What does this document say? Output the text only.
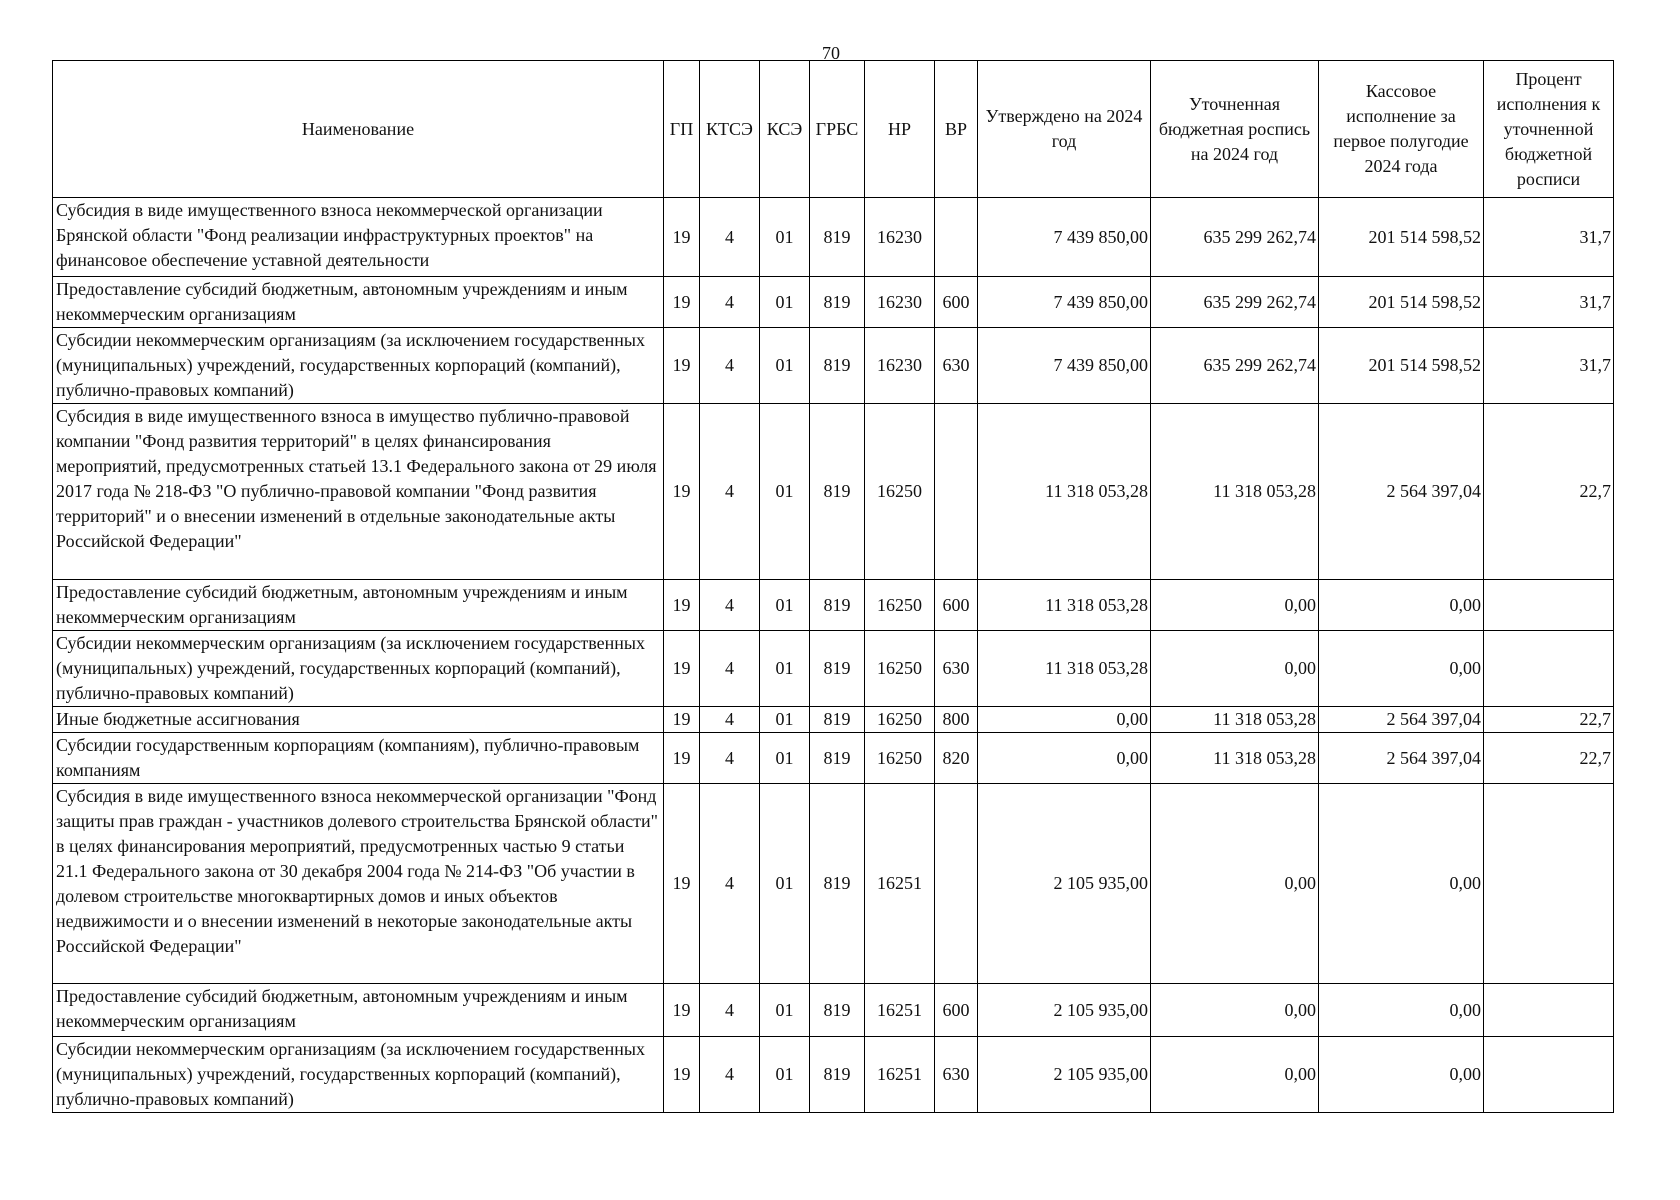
70
Наименование	ГП	КТСЭ	КСЭ	ГРБС	НР	ВР	Утверждено на 2024 год	Уточненная бюджетная роспись на 2024 год	Кассовое исполнение за первое полугодие 2024 года	Процент исполнения к уточненной бюджетной росписи
Субсидия в виде имущественного взноса некоммерческой организации Брянской области "Фонд реализации инфраструктурных проектов" на финансовое обеспечение уставной деятельности	19	4	01	819	16230		7 439 850,00	635 299 262,74	201 514 598,52	31,7
Предоставление субсидий бюджетным, автономным учреждениям и иным некоммерческим организациям	19	4	01	819	16230	600	7 439 850,00	635 299 262,74	201 514 598,52	31,7
Субсидии некоммерческим организациям (за исключением государственных (муниципальных) учреждений, государственных корпораций (компаний), публично-правовых компаний)	19	4	01	819	16230	630	7 439 850,00	635 299 262,74	201 514 598,52	31,7
Субсидия в виде имущественного взноса в имущество публично-правовой компании "Фонд развития территорий" в целях финансирования мероприятий, предусмотренных статьей 13.1 Федерального закона от 29 июля 2017 года № 218-ФЗ "О публично-правовой компании "Фонд развития территорий" и о внесении изменений в отдельные законодательные акты Российской Федерации"	19	4	01	819	16250		11 318 053,28	11 318 053,28	2 564 397,04	22,7
Предоставление субсидий бюджетным, автономным учреждениям и иным некоммерческим организациям	19	4	01	819	16250	600	11 318 053,28	0,00	0,00	
Субсидии некоммерческим организациям (за исключением государственных (муниципальных) учреждений, государственных корпораций (компаний), публично-правовых компаний)	19	4	01	819	16250	630	11 318 053,28	0,00	0,00	
Иные бюджетные ассигнования	19	4	01	819	16250	800	0,00	11 318 053,28	2 564 397,04	22,7
Субсидии государственным корпорациям (компаниям), публично-правовым компаниям	19	4	01	819	16250	820	0,00	11 318 053,28	2 564 397,04	22,7
Субсидия в виде имущественного взноса некоммерческой организации "Фонд защиты прав граждан - участников долевого строительства Брянской области" в целях финансирования мероприятий, предусмотренных частью 9 статьи 21.1 Федерального закона от 30 декабря 2004 года № 214-ФЗ "Об участии в долевом строительстве многоквартирных домов и иных объектов недвижимости и о внесении изменений в некоторые законодательные акты Российской Федерации"	19	4	01	819	16251		2 105 935,00	0,00	0,00	
Предоставление субсидий бюджетным, автономным учреждениям и иным некоммерческим организациям	19	4	01	819	16251	600	2 105 935,00	0,00	0,00	
Субсидии некоммерческим организациям (за исключением государственных (муниципальных) учреждений, государственных корпораций (компаний), публично-правовых компаний)	19	4	01	819	16251	630	2 105 935,00	0,00	0,00	
